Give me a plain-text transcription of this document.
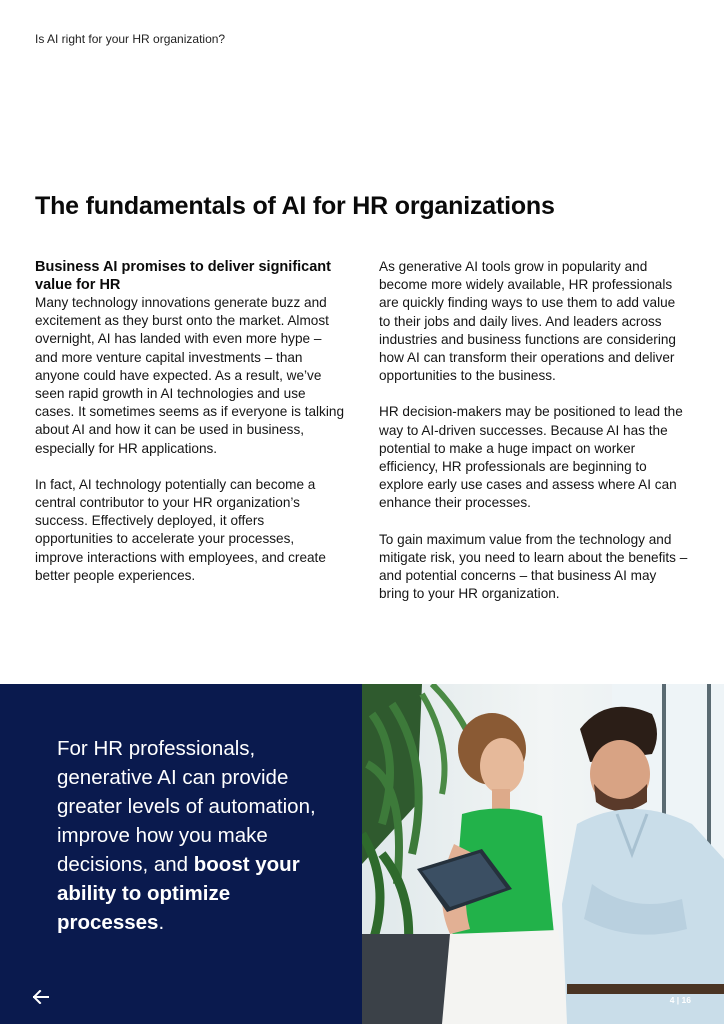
Is AI right for your HR organization?
The fundamentals of AI for HR organizations
Business AI promises to deliver significant value for HR

Many technology innovations generate buzz and excitement as they burst onto the market. Almost overnight, AI has landed with even more hype – and more venture capital investments – than anyone could have expected. As a result, we’ve seen rapid growth in AI technologies and use cases. It sometimes seems as if everyone is talking about AI and how it can be used in business, especially for HR applications.

In fact, AI technology potentially can become a central contributor to your HR organization’s success. Effectively deployed, it offers opportunities to accelerate your processes, improve interactions with employees, and create better people experiences.

As generative AI tools grow in popularity and become more widely available, HR professionals are quickly finding ways to use them to add value to their jobs and daily lives. And leaders across industries and business functions are considering how AI can transform their operations and deliver opportunities to the business.

HR decision-makers may be positioned to lead the way to AI-driven successes. Because AI has the potential to make a huge impact on worker efficiency, HR professionals are beginning to explore early use cases and assess where AI can enhance their processes.

To gain maximum value from the technology and mitigate risk, you need to learn about the benefits – and potential concerns – that business AI may bring to your HR organization.

For HR professionals, generative AI can provide greater levels of automation, improve how you make decisions, and boost your ability to optimize processes.
4 | 16
